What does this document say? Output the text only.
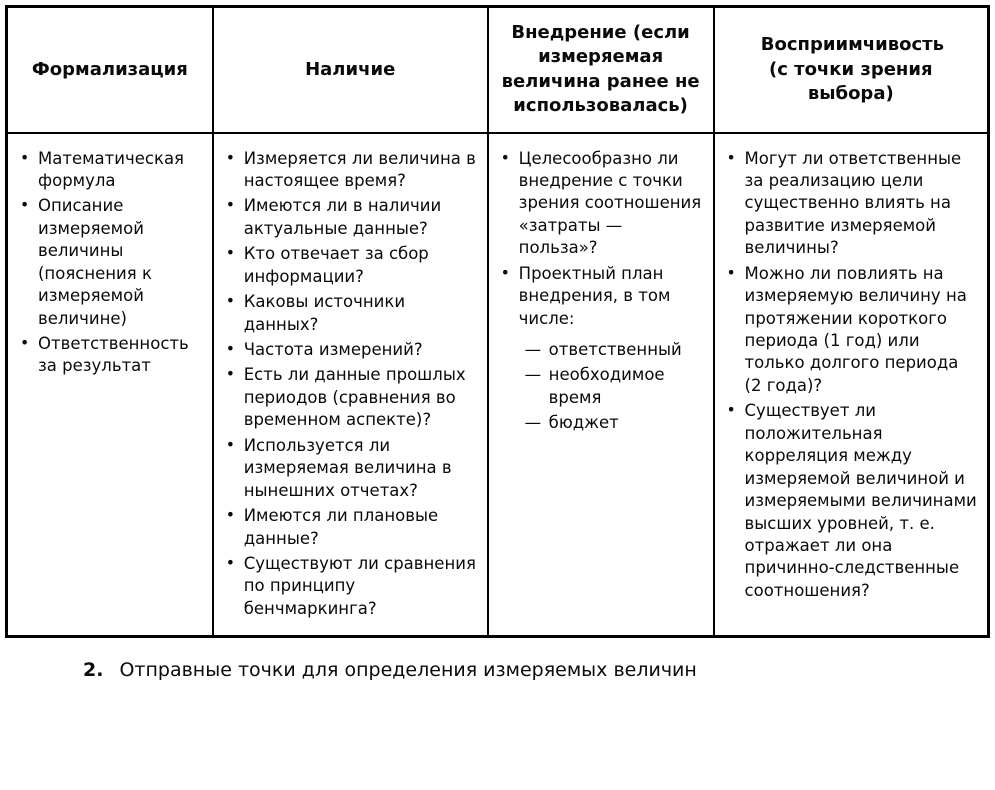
Формализация	Наличие	Внедрение (если измеряемая величина ранее не использовалась)	Восприимчивость (с точки зрения выбора)

• Математическая формула
• Описание измеряемой величины (пояснения к измеряемой величине)
• Ответственность за результат

• Измеряется ли величина в настоящее время?
• Имеются ли в наличии актуальные данные?
• Кто отвечает за сбор информации?
• Каковы источники данных?
• Частота измерений?
• Есть ли данные прошлых периодов (сравнения во временном аспекте)?
• Используется ли измеряемая величина в нынешних отчетах?
• Имеются ли плановые данные?
• Существуют ли сравнения по принципу бенчмаркинга?

• Целесообразно ли внедрение с точки зрения соотношения «затраты — польза»?
• Проектный план внедрения, в том числе:
— ответственный
— необходимое время
— бюджет

• Могут ли ответственные за реализацию цели существенно влиять на развитие измеряемой величины?
• Можно ли повлиять на измеряемую величину на протяжении короткого периода (1 год) или только долгого периода (2 года)?
• Существует ли положительная корреляция между измеряемой величиной и измеряемыми величинами высших уровней, т. е. отражает ли она причинно-следственные соотношения?
2. Отправные точки для определения измеряемых величин
